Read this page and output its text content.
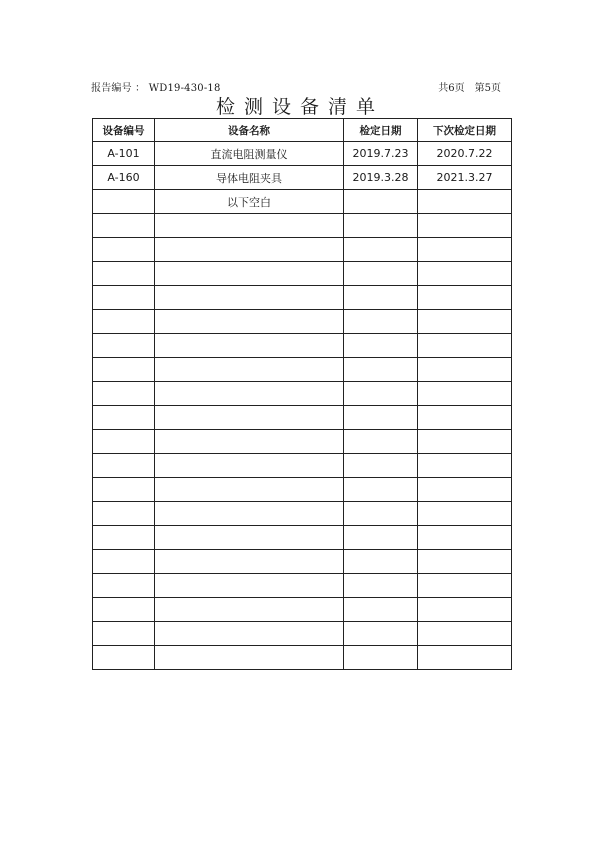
报告编号 ： WD19-430-18	共6页　第5页
检测设备清单
设备编号	设备名称	检定日期	下次检定日期
A-101	直流电阻测量仪	2019.7.23	2020.7.22
A-160	导体电阻夹具	2019.3.28	2021.3.27
	以下空白		
